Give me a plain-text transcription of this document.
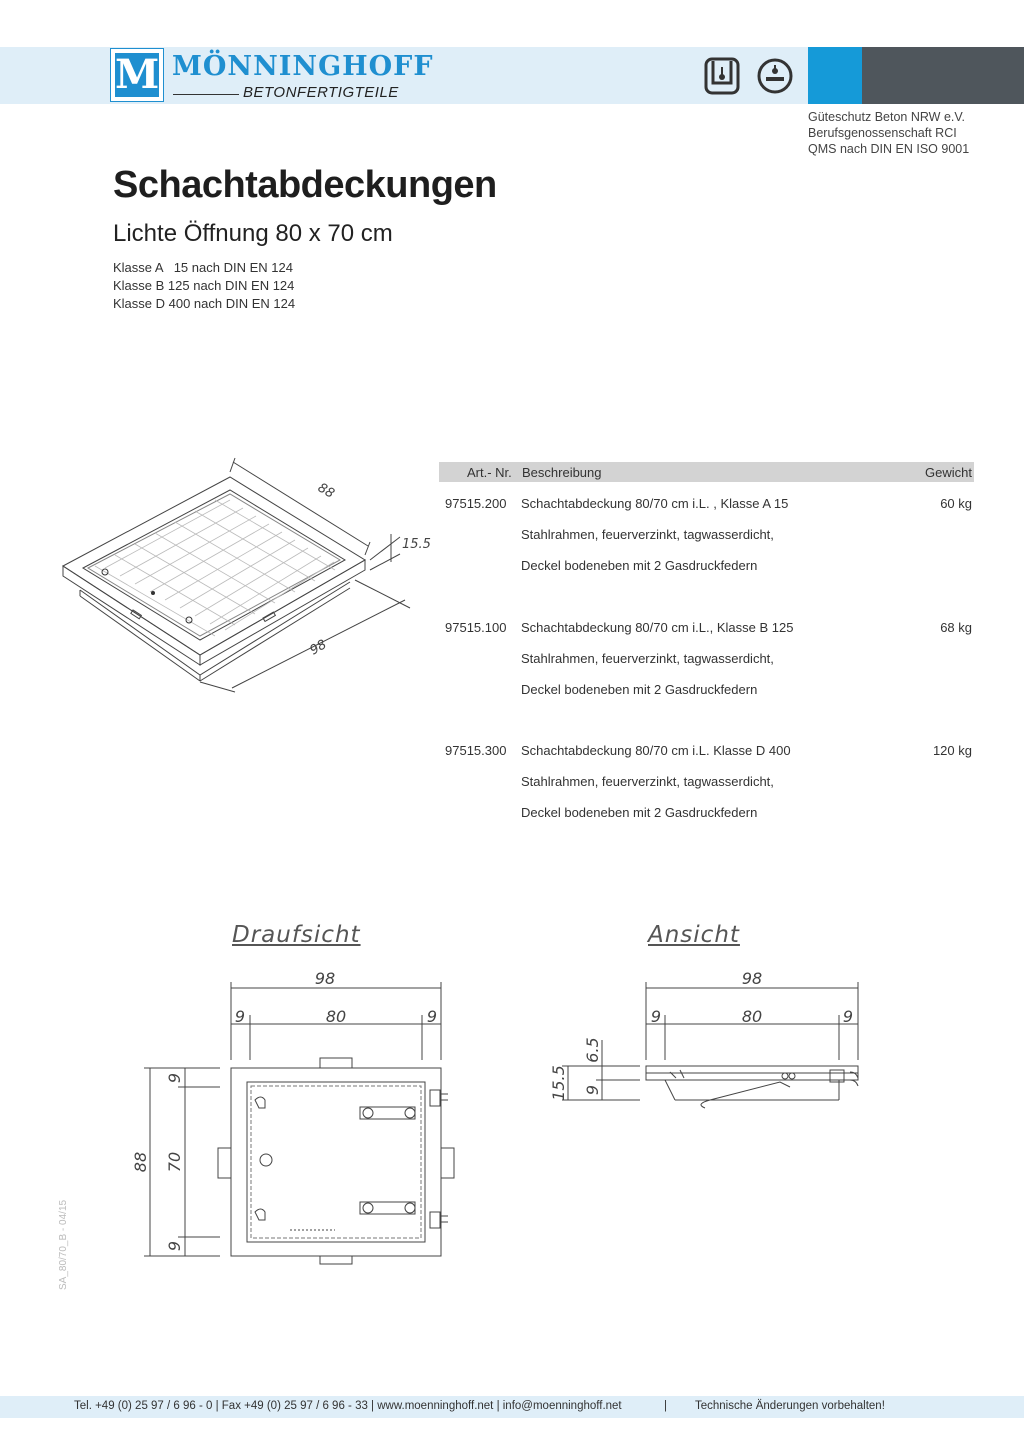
M MÖNNINGHOFF
BETONFERTIGTEILE
Güteschutz Beton NRW e.V.
Berufsgenossenschaft RCI
QMS nach DIN EN ISO 9001
Schachtabdeckungen
Lichte Öffnung 80 x 70 cm
Klasse A   15 nach DIN EN 124
Klasse B 125 nach DIN EN 124
Klasse D 400 nach DIN EN 124
88
15.5
98
Art.- Nr. Beschreibung	Gewicht
97515.200 Schachtabdeckung 80/70 cm i.L. , Klasse A 15
Stahlrahmen, feuerverzinkt, tagwasserdicht,
Deckel bodeneben mit 2 Gasdruckfedern
60 kg
97515.100 Schachtabdeckung 80/70 cm i.L., Klasse B 125
Stahlrahmen, feuerverzinkt, tagwasserdicht,
Deckel bodeneben mit 2 Gasdruckfedern
68 kg
97515.300 Schachtabdeckung 80/70 cm i.L. Klasse D 400
Stahlrahmen, feuerverzinkt, tagwasserdicht,
Deckel bodeneben mit 2 Gasdruckfedern
120 kg
Draufsicht	Ansicht
98
9	80	9
88
9
70
9
98
9	80	9
15.5
6.5
9
SA_80/70_B - 04/15
Tel. +49 (0) 25 97 / 6 96 - 0 | Fax +49 (0) 25 97 / 6 96 - 33 | www.moenninghoff.net | info@moenninghoff.net	| Technische Änderungen vorbehalten!
